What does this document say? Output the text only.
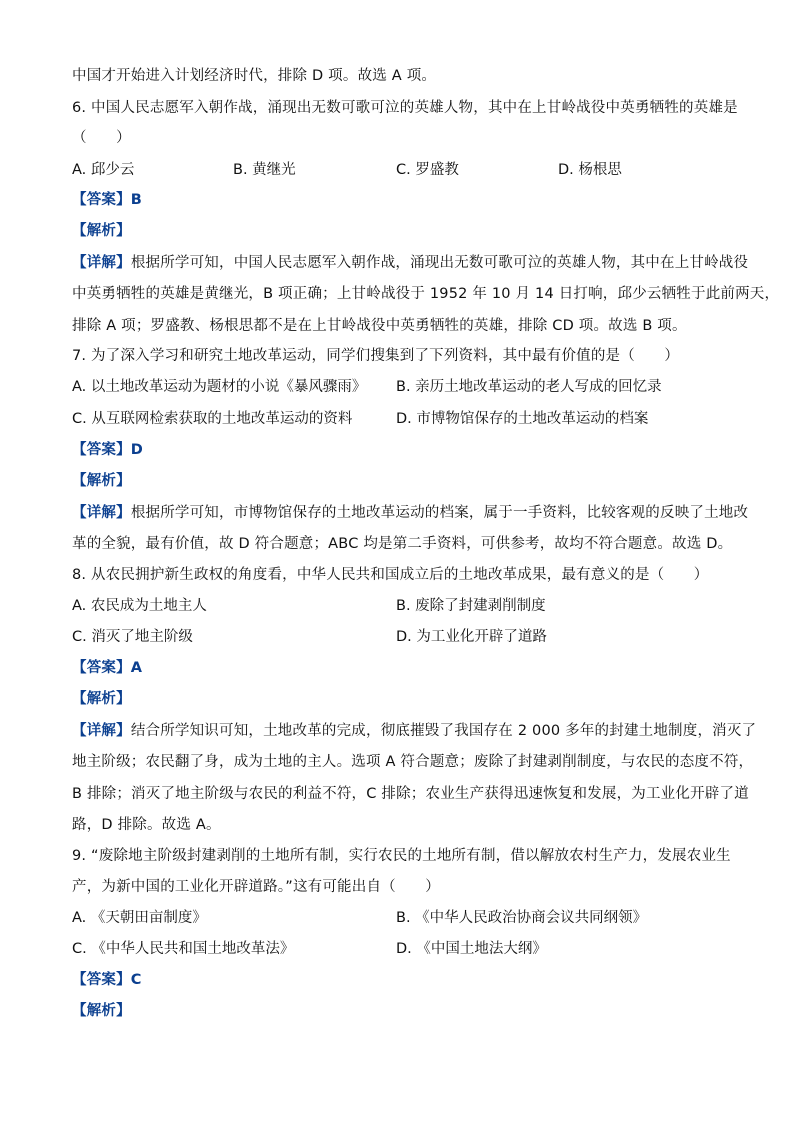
中国才开始进入计划经济时代，排除 D 项。故选 A 项。
6. 中国人民志愿军入朝作战，涌现出无数可歌可泣的英雄人物，其中在上甘岭战役中英勇牺牲的英雄是
（　　）
A. 邱少云	B. 黄继光	C. 罗盛教	D. 杨根思
【答案】B
【解析】
【详解】根据所学可知，中国人民志愿军入朝作战，涌现出无数可歌可泣的英雄人物，其中在上甘岭战役
中英勇牺牲的英雄是黄继光，B 项正确；上甘岭战役于 1952 年 10 月 14 日打响，邱少云牺牲于此前两天，
排除 A 项；罗盛教、杨根思都不是在上甘岭战役中英勇牺牲的英雄，排除 CD 项。故选 B 项。
7. 为了深入学习和研究土地改革运动，同学们搜集到了下列资料，其中最有价值的是（　　）
A. 以土地改革运动为题材的小说《暴风骤雨》 B. 亲历土地改革运动的老人写成的回忆录
C. 从互联网检索获取的土地改革运动的资料	D. 市博物馆保存的土地改革运动的档案
【答案】D
【解析】
【详解】根据所学可知，市博物馆保存的土地改革运动的档案，属于一手资料，比较客观的反映了土地改
革的全貌，最有价值，故 D 符合题意；ABC 均是第二手资料，可供参考，故均不符合题意。故选 D。
8. 从农民拥护新生政权的角度看，中华人民共和国成立后的土地改革成果，最有意义的是（　　）
A. 农民成为土地主人	B. 废除了封建剥削制度
C. 消灭了地主阶级	D. 为工业化开辟了道路
【答案】A
【解析】
【详解】结合所学知识可知，土地改革的完成，彻底摧毁了我国存在 2 000 多年的封建土地制度，消灭了
地主阶级；农民翻了身，成为土地的主人。选项 A 符合题意；废除了封建剥削制度，与农民的态度不符，
B 排除；消灭了地主阶级与农民的利益不符，C 排除；农业生产获得迅速恢复和发展，为工业化开辟了道
路，D 排除。故选 A。
9. “废除地主阶级封建剥削的土地所有制，实行农民的土地所有制，借以解放农村生产力，发展农业生
产，为新中国的工业化开辟道路。”这有可能出自（　　）
A. 《天朝田亩制度》	B. 《中华人民政治协商会议共同纲领》
C. 《中华人民共和国土地改革法》	D. 《中国土地法大纲》
【答案】C
【解析】
